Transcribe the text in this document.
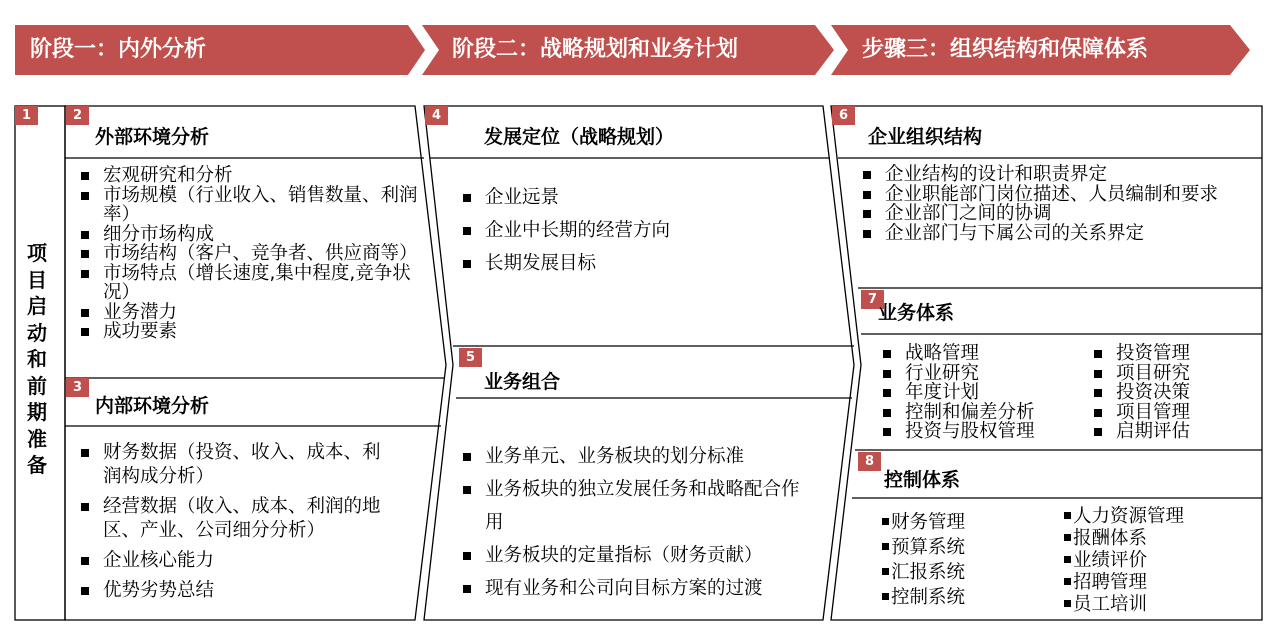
阶段一：内外分析	阶段二：战略规划和业务计划	步骤三：组织结构和保障体系
1
项目启动和前期准备
2
外部环境分析
宏观研究和分析
市场规模（行业收入、销售数量、利润率）
细分市场构成
市场结构（客户、竞争者、供应商等）
市场特点（增长速度,集中程度,竞争状况）
业务潜力
成功要素
3
内部环境分析
财务数据（投资、收入、成本、利润构成分析）
经营数据（收入、成本、利润的地区、产业、公司细分分析）
企业核心能力
优势劣势总结
4
发展定位（战略规划）
企业远景
企业中长期的经营方向
长期发展目标
5
业务组合
业务单元、业务板块的划分标准
业务板块的独立发展任务和战略配合作用
业务板块的定量指标（财务贡献）
现有业务和公司向目标方案的过渡
6
企业组织结构
企业结构的设计和职责界定
企业职能部门岗位描述、人员编制和要求
企业部门之间的协调
企业部门与下属公司的关系界定
7
业务体系
战略管理
行业研究
年度计划
控制和偏差分析
投资与股权管理
投资管理
项目研究
投资决策
项目管理
启期评估
8
控制体系
财务管理
预算系统
汇报系统
控制系统
人力资源管理
报酬体系
业绩评价
招聘管理
员工培训
